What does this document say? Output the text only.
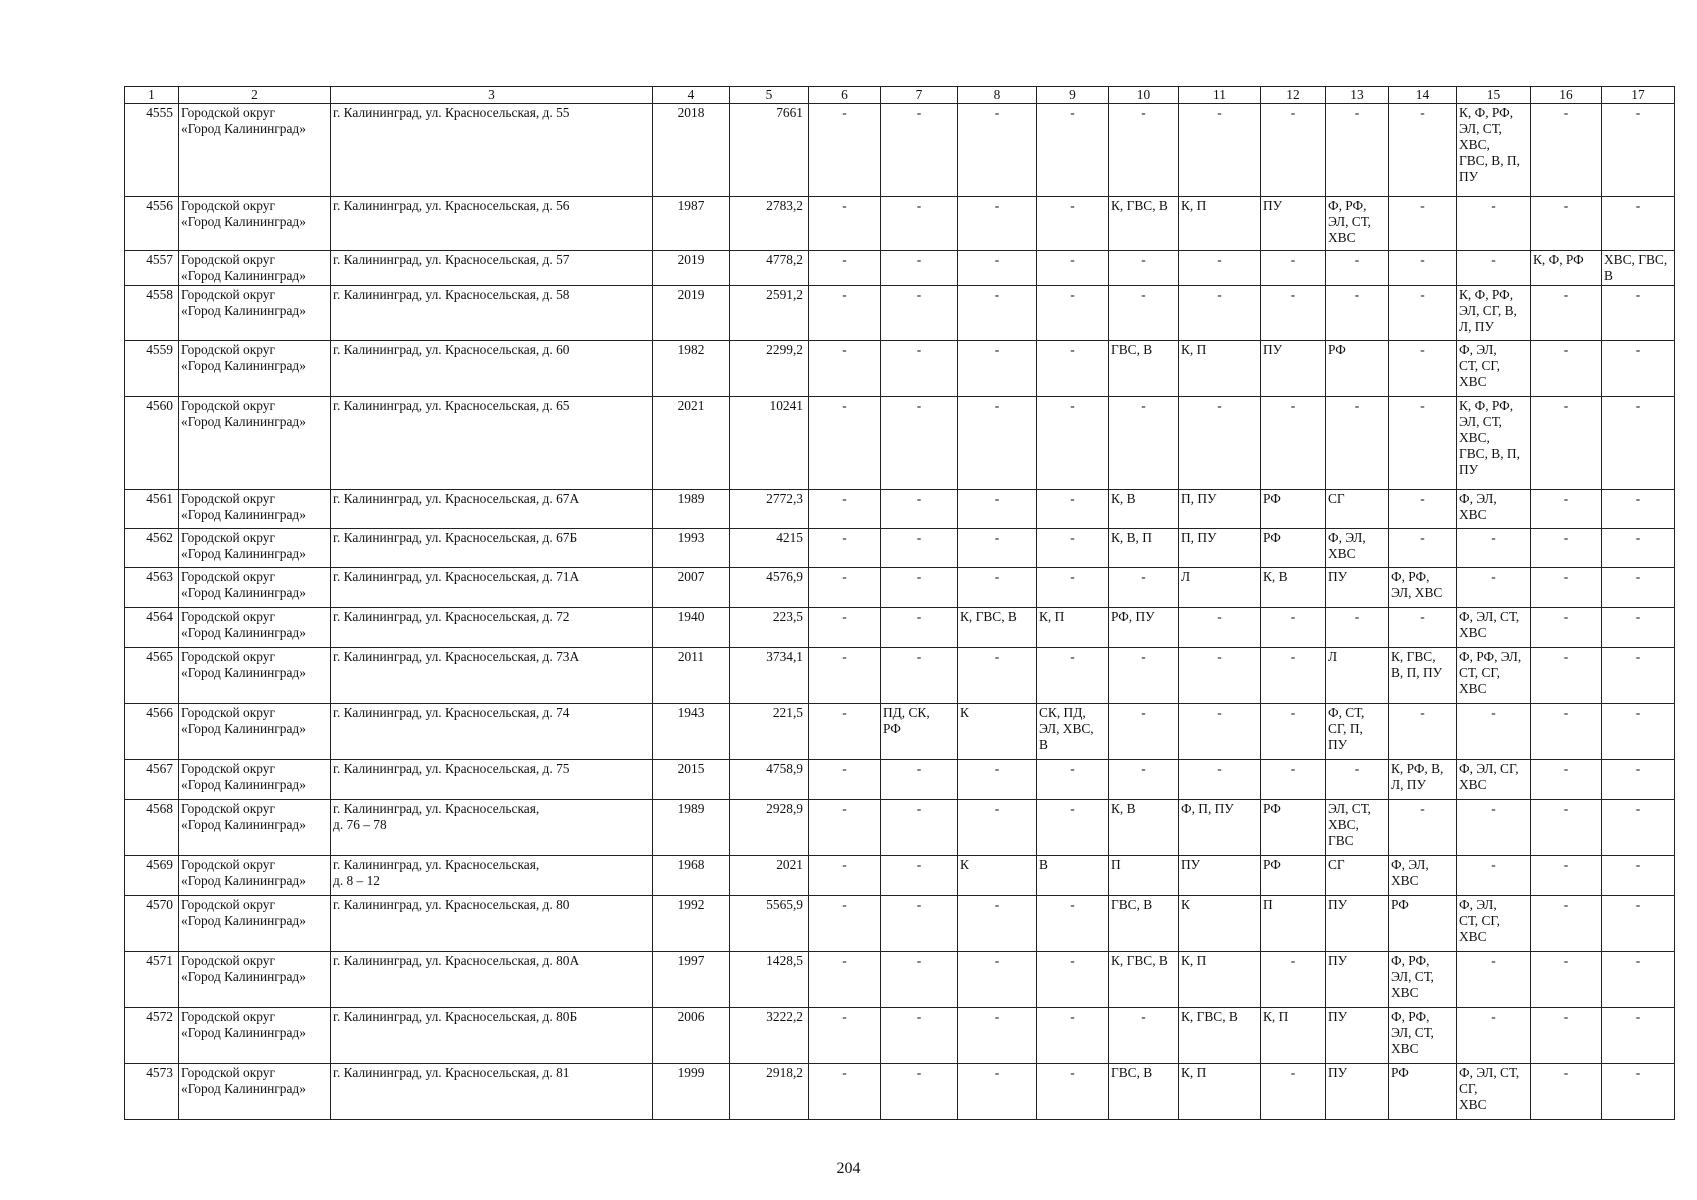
1	2	3	4	5	6	7	8	9	10	11	12	13	14	15	16	17
4555	Городской округ
«Город Калининград»	г. Калининград, ул. Красносельская, д. 55	2018	7661	-	-	-	-	-	-	-	-	-	К, Ф, РФ,
ЭЛ, СТ,
ХВС,
ГВС, В, П,
ПУ	-	-
4556	Городской округ
«Город Калининград»	г. Калининград, ул. Красносельская, д. 56	1987	2783,2	-	-	-	-	К, ГВС, В	К, П	ПУ	Ф, РФ,
ЭЛ, СТ,
ХВС	-	-	-	-
4557	Городской округ
«Город Калининград»	г. Калининград, ул. Красносельская, д. 57	2019	4778,2	-	-	-	-	-	-	-	-	-	-	К, Ф, РФ	ХВС, ГВС,
В
4558	Городской округ
«Город Калининград»	г. Калининград, ул. Красносельская, д. 58	2019	2591,2	-	-	-	-	-	-	-	-	-	К, Ф, РФ,
ЭЛ, СГ, В,
Л, ПУ	-	-
4559	Городской округ
«Город Калининград»	г. Калининград, ул. Красносельская, д. 60	1982	2299,2	-	-	-	-	ГВС, В	К, П	ПУ	РФ	-	Ф, ЭЛ,
СТ, СГ,
ХВС	-	-
4560	Городской округ
«Город Калининград»	г. Калининград, ул. Красносельская, д. 65	2021	10241	-	-	-	-	-	-	-	-	-	К, Ф, РФ,
ЭЛ, СТ,
ХВС,
ГВС, В, П,
ПУ	-	-
4561	Городской округ
«Город Калининград»	г. Калининград, ул. Красносельская, д. 67А	1989	2772,3	-	-	-	-	К, В	П, ПУ	РФ	СГ	-	Ф, ЭЛ,
ХВС	-	-
4562	Городской округ
«Город Калининград»	г. Калининград, ул. Красносельская, д. 67Б	1993	4215	-	-	-	-	К, В, П	П, ПУ	РФ	Ф, ЭЛ,
ХВС	-	-	-	-
4563	Городской округ
«Город Калининград»	г. Калининград, ул. Красносельская, д. 71А	2007	4576,9	-	-	-	-	-	Л	К, В	ПУ	Ф, РФ,
ЭЛ, ХВС	-	-	-
4564	Городской округ
«Город Калининград»	г. Калининград, ул. Красносельская, д. 72	1940	223,5	-	-	К, ГВС, В	К, П	РФ, ПУ	-	-	-	-	Ф, ЭЛ, СТ,
ХВС	-	-
4565	Городской округ
«Город Калининград»	г. Калининград, ул. Красносельская, д. 73А	2011	3734,1	-	-	-	-	-	-	-	Л	К, ГВС,
В, П, ПУ	Ф, РФ, ЭЛ,
СТ, СГ,
ХВС	-	-
4566	Городской округ
«Город Калининград»	г. Калининград, ул. Красносельская, д. 74	1943	221,5	-	ПД, СК,
РФ	К	СК, ПД,
ЭЛ, ХВС,
В	-	-	-	Ф, СТ,
СГ, П,
ПУ	-	-	-	-
4567	Городской округ
«Город Калининград»	г. Калининград, ул. Красносельская, д. 75	2015	4758,9	-	-	-	-	-	-	-	-	К, РФ, В,
Л, ПУ	Ф, ЭЛ, СГ,
ХВС	-	-
4568	Городской округ
«Город Калининград»	г. Калининград, ул. Красносельская,
д. 76 – 78	1989	2928,9	-	-	-	-	К, В	Ф, П, ПУ	РФ	ЭЛ, СТ,
ХВС,
ГВС	-	-	-	-
4569	Городской округ
«Город Калининград»	г. Калининград, ул. Красносельская,
д. 8 – 12	1968	2021	-	-	К	В	П	ПУ	РФ	СГ	Ф, ЭЛ,
ХВС	-	-	-
4570	Городской округ
«Город Калининград»	г. Калининград, ул. Красносельская, д. 80	1992	5565,9	-	-	-	-	ГВС, В	К	П	ПУ	РФ	Ф, ЭЛ,
СТ, СГ,
ХВС	-	-
4571	Городской округ
«Город Калининград»	г. Калининград, ул. Красносельская, д. 80А	1997	1428,5	-	-	-	-	К, ГВС, В	К, П	-	ПУ	Ф, РФ,
ЭЛ, СТ,
ХВС	-	-	-
4572	Городской округ
«Город Калининград»	г. Калининград, ул. Красносельская, д. 80Б	2006	3222,2	-	-	-	-	-	К, ГВС, В	К, П	ПУ	Ф, РФ,
ЭЛ, СТ,
ХВС	-	-	-
4573	Городской округ
«Город Калининград»	г. Калининград, ул. Красносельская, д. 81	1999	2918,2	-	-	-	-	ГВС, В	К, П	-	ПУ	РФ	Ф, ЭЛ, СТ,
СГ,
ХВС	-	-
204
